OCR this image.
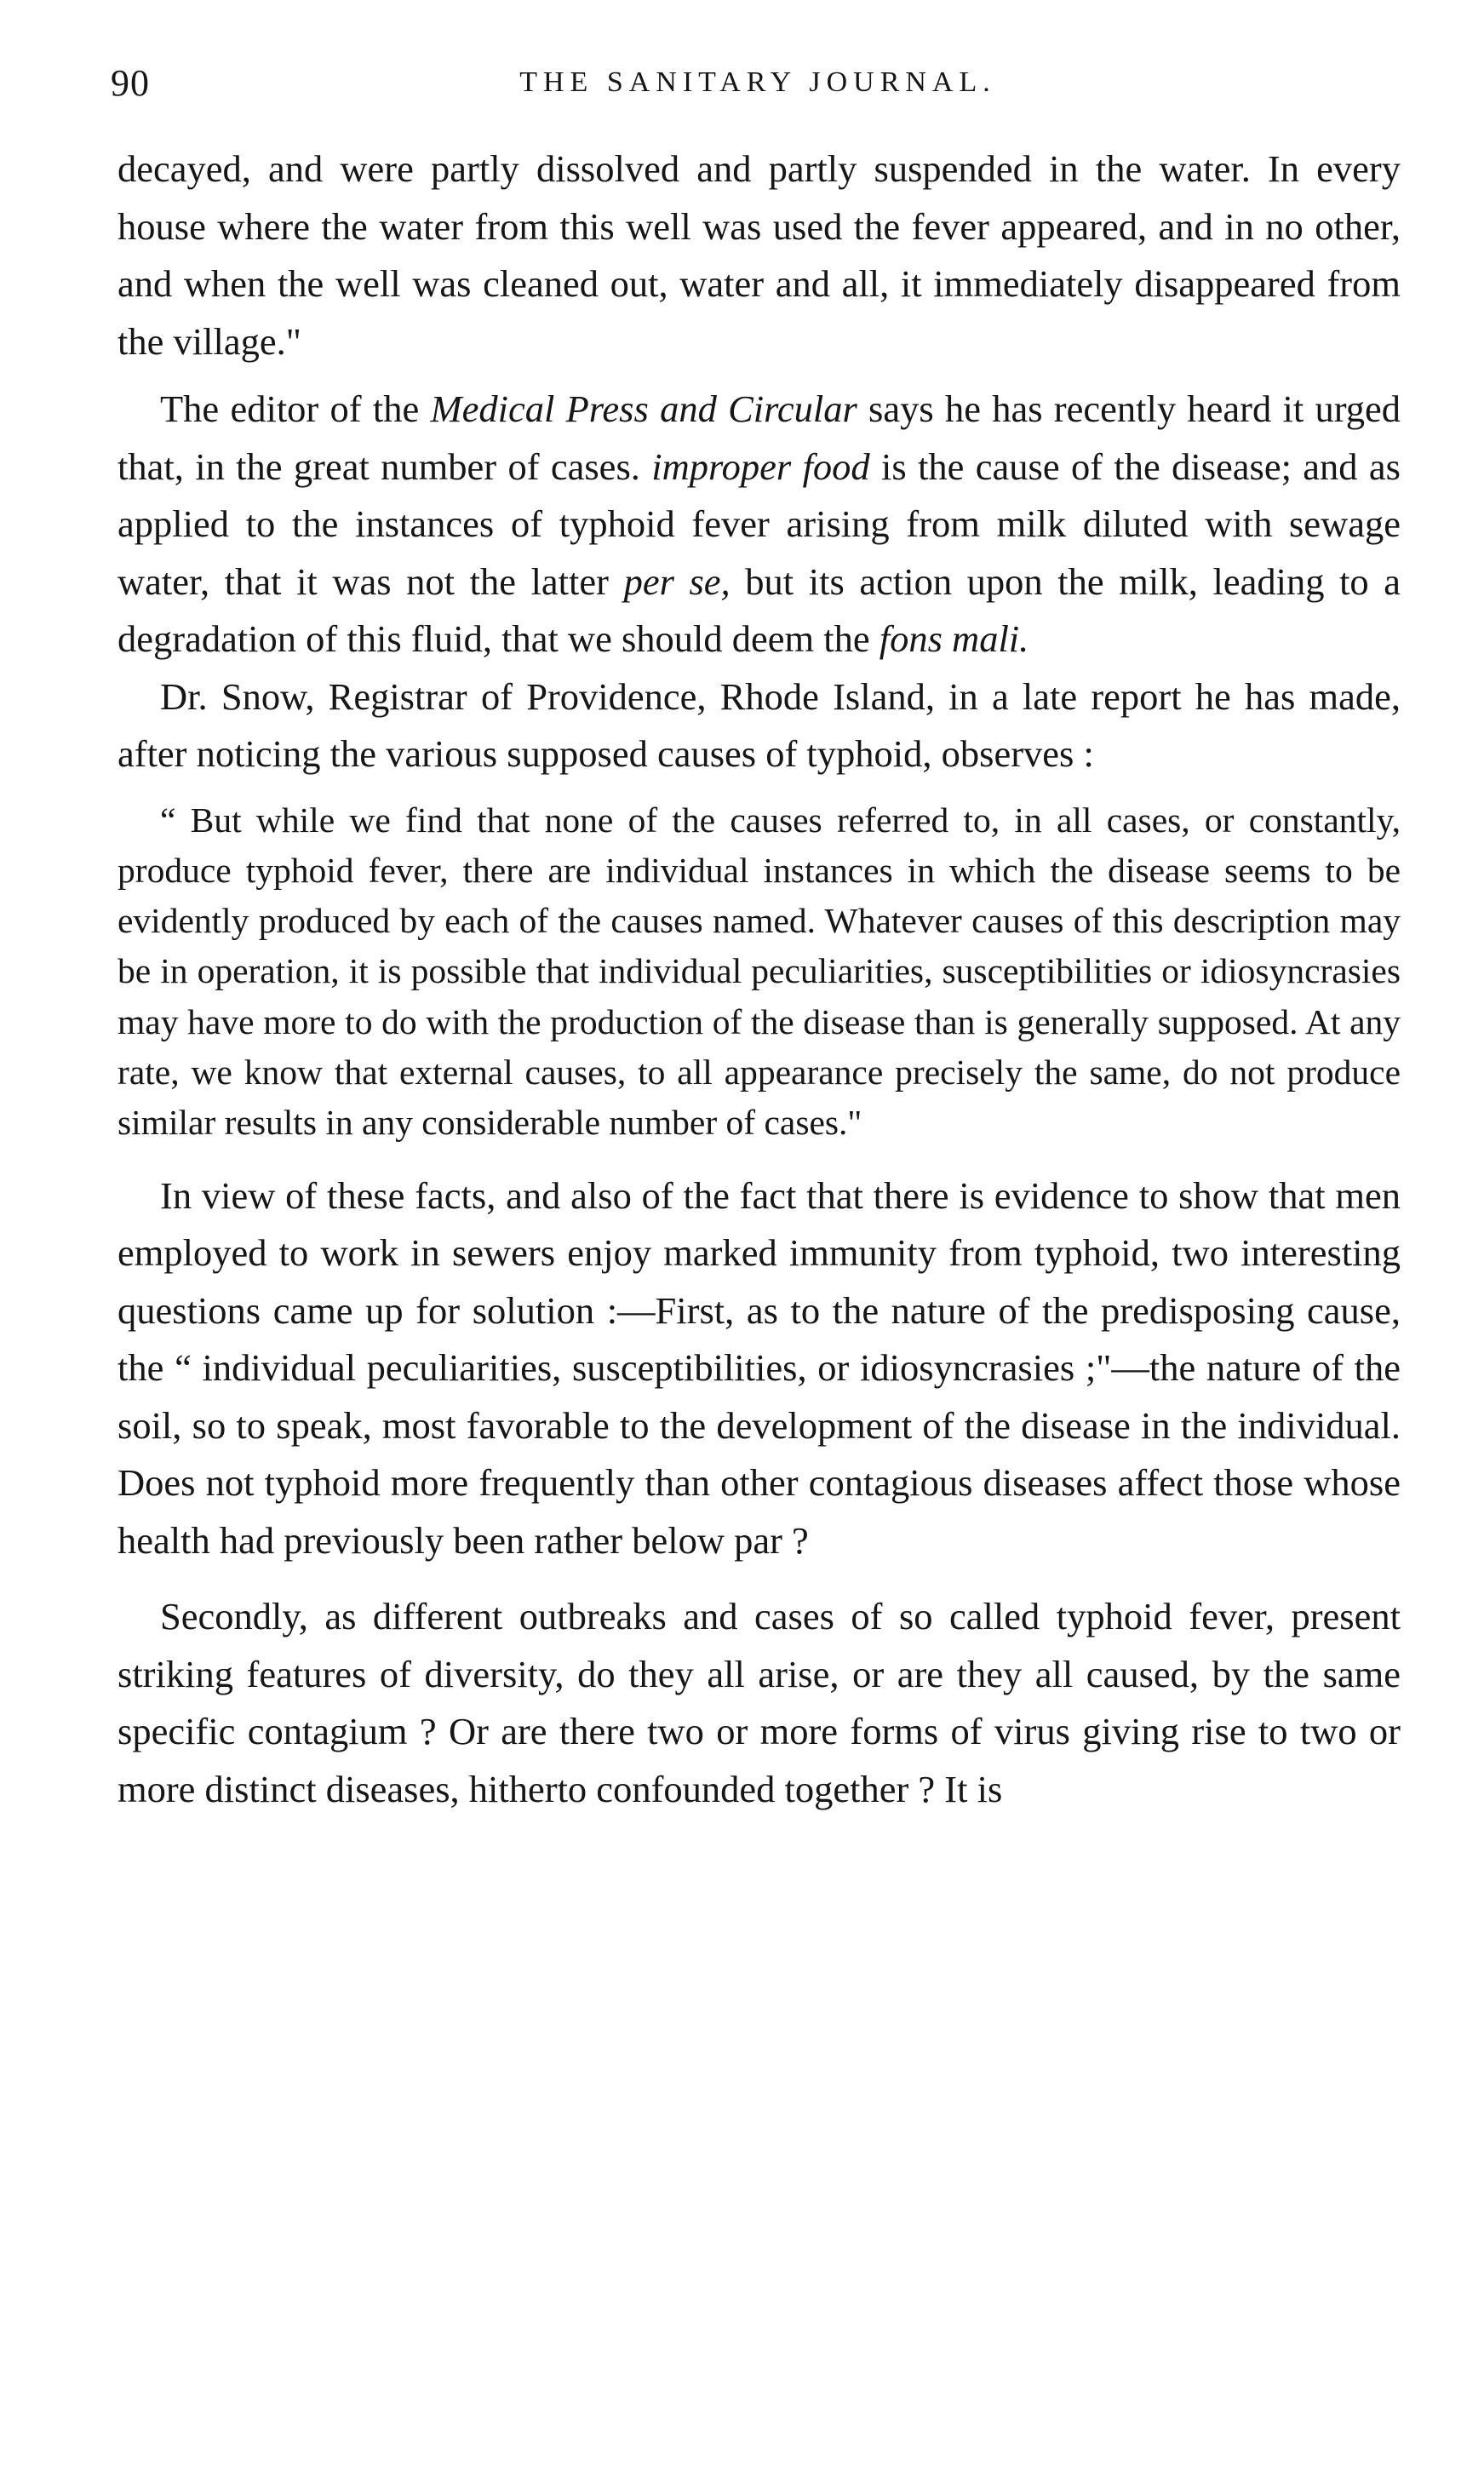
90	THE SANITARY JOURNAL.

decayed, and were partly dissolved and partly suspended in the water. In every house where the water from this well was used the fever appeared, and in no other, and when the well was cleaned out, water and all, it immediately disappeared from the village."

The editor of the Medical Press and Circular says he has recently heard it urged that, in the great number of cases. improper food is the cause of the disease; and as applied to the instances of typhoid fever arising from milk diluted with sewage water, that it was not the latter per se, but its action upon the milk, leading to a degradation of this fluid, that we should deem the fons mali.

Dr. Snow, Registrar of Providence, Rhode Island, in a late report he has made, after noticing the various supposed causes of typhoid, observes :

“ But while we find that none of the causes referred to, in all cases, or constantly, produce typhoid fever, there are individual instances in which the disease seems to be evidently produced by each of the causes named. Whatever causes of this description may be in operation, it is possible that individual peculiarities, susceptibilities or idiosyncrasies may have more to do with the production of the disease than is generally supposed. At any rate, we know that external causes, to all appearance precisely the same, do not produce similar results in any considerable number of cases."

In view of these facts, and also of the fact that there is evidence to show that men employed to work in sewers enjoy marked immunity from typhoid, two interesting questions came up for solution :—First, as to the nature of the predisposing cause, the “ individual peculiarities, susceptibilities, or idiosyncrasies ;"—the nature of the soil, so to speak, most favorable to the development of the disease in the individual. Does not typhoid more frequently than other contagious diseases affect those whose health had previously been rather below par ?

Secondly, as different outbreaks and cases of so called typhoid fever, present striking features of diversity, do they all arise, or are they all caused, by the same specific contagium ? Or are there two or more forms of virus giving rise to two or more distinct diseases, hitherto confounded together ? It is
